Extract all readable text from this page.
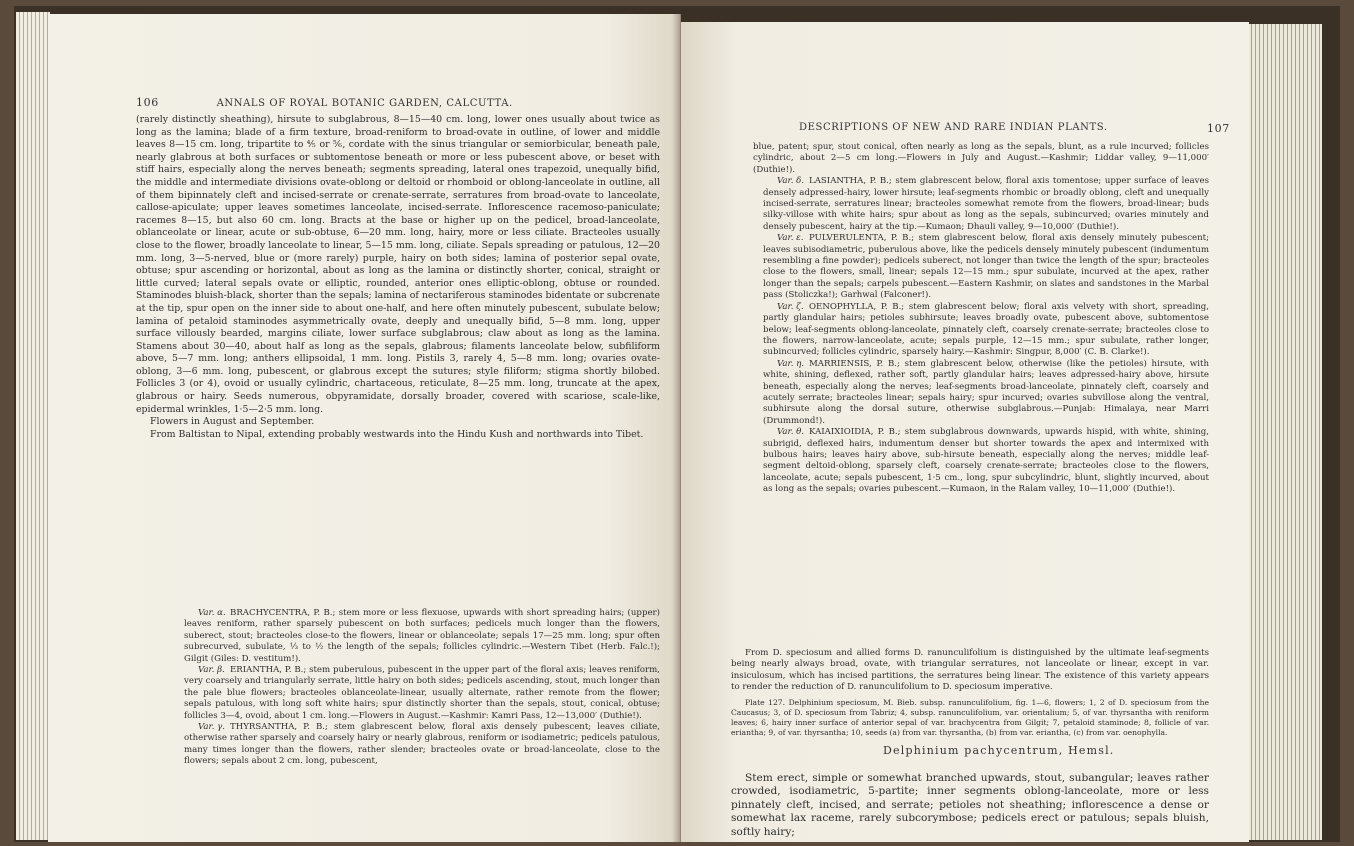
106	ANNALS OF ROYAL BOTANIC GARDEN, CALCUTTA.

(rarely distinctly sheathing), hirsute to subglabrous, 8—15—40 cm. long, lower ones usually about twice as long as the lamina; blade of a firm texture, broad-reniform to broad-ovate in outline, of lower and middle leaves 8—15 cm. long, tripartite to ⅘ or ⅚, cordate with the sinus triangular or semiorbicular, beneath pale, nearly glabrous at both surfaces or subtomentose beneath or more or less pubescent above, or beset with stiff hairs, especially along the nerves beneath; segments spreading, lateral ones trapezoid, unequally bifid, the middle and intermediate divisions ovate-oblong or deltoid or rhomboid or oblong-lanceolate in outline, all of them bipinnately cleft and incised-serrate or crenate-serrate, serratures from broad-ovate to lanceolate, callose-apiculate; upper leaves sometimes lanceolate, incised-serrate. Inflorescence racemoso-paniculate; racemes 8—15, but also 60 cm. long. Bracts at the base or higher up on the pedicel, broad-lanceolate, oblanceolate or linear, acute or sub-obtuse, 6—20 mm. long, hairy, more or less ciliate. Bracteoles usually close to the flower, broadly lanceolate to linear, 5—15 mm. long, ciliate. Sepals spreading or patulous, 12—20 mm. long, 3—5-nerved, blue or (more rarely) purple, hairy on both sides; lamina of posterior sepal ovate, obtuse; spur ascending or horizontal, about as long as the lamina or distinctly shorter, conical, straight or little curved; lateral sepals ovate or elliptic, rounded, anterior ones elliptic-oblong, obtuse or rounded. Staminodes bluish-black, shorter than the sepals; lamina of nectariferous staminodes bidentate or subcrenate at the tip, spur open on the inner side to about one-half, and here often minutely pubescent, subulate below; lamina of petaloid staminodes asymmetrically ovate, deeply and unequally bifid, 5—8 mm. long, upper surface villously bearded, margins ciliate, lower surface subglabrous; claw about as long as the lamina. Stamens about 30—40, about half as long as the sepals, glabrous; filaments lanceolate below, subfiliform above, 5—7 mm. long; anthers ellipsoidal, 1 mm. long. Pistils 3, rarely 4, 5—8 mm. long; ovaries ovate-oblong, 3—6 mm. long, pubescent, or glabrous except the sutures; style filiform; stigma shortly bilobed. Follicles 3 (or 4), ovoid or usually cylindric, chartaceous, reticulate, 8—25 mm. long, truncate at the apex, glabrous or hairy. Seeds numerous, obpyramidate, dorsally broader, covered with scariose, scale-like, epidermal wrinkles, 1·5—2·5 mm. long.

Flowers in August and September.

From Baltistan to Nipal, extending probably westwards into the Hindu Kush and northwards into Tibet.

Var. α. BRACHYCENTRA, P. B.; stem more or less flexuose, upwards with short spreading hairs; (upper) leaves reniform, rather sparsely pubescent on both surfaces; pedicels much longer than the flowers, suberect, stout; bracteoles close-to the flowers, linear or oblanceolate; sepals 17—25 mm. long; spur often subrecurved, subulate, ⅓ to ½ the length of the sepals; follicles cylindric.—Western Tibet (Herb. Falc.!); Gilgit (Giles: D. vestitum!).

Var. β. ERIANTHA, P. B.; stem puberulous, pubescent in the upper part of the floral axis; leaves reniform, very coarsely and triangularly serrate, little hairy on both sides; pedicels ascending, stout, much longer than the pale blue flowers; bracteoles oblanceolate-linear, usually alternate, rather remote from the flower; sepals patulous, with long soft white hairs; spur distinctly shorter than the sepals, stout, conical, obtuse; follicles 3—4, ovoid, about 1 cm. long.—Flowers in August.—Kashmir: Kamri Pass, 12—13,000′ (Duthie!).

Var. γ. THYRSANTHA, P. B.; stem glabrescent below, floral axis densely pubescent; leaves ciliate, otherwise rather sparsely and coarsely hairy or nearly glabrous, reniform or isodiametric; pedicels patulous, many times longer than the flowers, rather slender; bracteoles ovate or broad-lanceolate, close to the flowers; sepals about 2 cm. long, pubescent,

DESCRIPTIONS OF NEW AND RARE INDIAN PLANTS.	107

blue, patent; spur, stout conical, often nearly as long as the sepals, blunt, as a rule incurved; follicles cylindric, about 2—5 cm long.—Flowers in July and August.—Kashmir; Liddar valley, 9—11,000′ (Duthie!).

Var. δ. LASIANTHA, P. B.; stem glabrescent below, floral axis tomentose; upper surface of leaves densely adpressed-hairy, lower hirsute; leaf-segments rhombic or broadly oblong, cleft and unequally incised-serrate, serratures linear; bracteoles somewhat remote from the flowers, broad-linear; buds silky-villose with white hairs; spur about as long as the sepals, subincurved; ovaries minutely and densely pubescent, hairy at the tip.—Kumaon; Dhauli valley, 9—10,000′ (Duthie!).

Var. ε. PULVERULENTA, P. B.; stem glabrescent below, floral axis densely minutely pubescent; leaves subisodiametric, puberulous above, like the pedicels densely minutely pubescent (indumentum resembling a fine powder); pedicels suberect, not longer than twice the length of the spur; bracteoles close to the flowers, small, linear; sepals 12—15 mm.; spur subulate, incurved at the apex, rather longer than the sepals; carpels pubescent.—Eastern Kashmir, on slates and sandstones in the Marbal pass (Stoliczka!); Garhwal (Falconer!).

Var. ζ. OENOPHYLLA, P. B.; stem glabrescent below; floral axis velvety with short, spreading, partly glandular hairs; petioles subhirsute; leaves broadly ovate, pubescent above, subtomentose below; leaf-segments oblong-lanceolate, pinnately cleft, coarsely crenate-serrate; bracteoles close to the flowers, narrow-lanceolate, acute; sepals purple, 12—15 mm.; spur subulate, rather longer, subincurved; follicles cylindric, sparsely hairy.—Kashmir: Singpur, 8,000′ (C. B. Clarke!).

Var. η. MARRIENSIS, P. B.; stem glabrescent below, otherwise (like the petioles) hirsute, with white, shining, deflexed, rather soft, partly glandular hairs; leaves adpressed-hairy above, hirsute beneath, especially along the nerves; leaf-segments broad-lanceolate, pinnately cleft, coarsely and acutely serrate; bracteoles linear; sepals hairy; spur incurved; ovaries subvillose along the ventral, subhirsute along the dorsal suture, otherwise subglabrous.—Punjab: Himalaya, near Marri (Drummond!).

Var. θ. KAIAIXIOIDIA, P. B.; stem subglabrous downwards, upwards hispid, with white, shining, subrigid, deflexed hairs, indumentum denser but shorter towards the apex and intermixed with bulbous hairs; leaves hairy above, sub-hirsute beneath, especially along the nerves; middle leaf-segment deltoid-oblong, sparsely cleft, coarsely crenate-serrate; bracteoles close to the flowers, lanceolate, acute; sepals pubescent, 1·5 cm., long, spur subcylindric, blunt, slightly incurved, about as long as the sepals; ovaries pubescent.—Kumaon, in the Ralam valley, 10—11,000′ (Duthie!).

From D. speciosum and allied forms D. ranunculifolium is distinguished by the ultimate leaf-segments being nearly always broad, ovate, with triangular serratures, not lanceolate or linear, except in var. insiculosum, which has incised partitions, the serratures being linear. The existence of this variety appears to render the reduction of D. ranunculifolium to D. speciosum imperative.

Plate 127. Delphinium speciosum, M. Bieb. subsp. ranunculifolium, fig. 1—6, flowers; 1, 2 of D. speciosum from the Caucasus; 3, of D. speciosum from Tabriz; 4, subsp. ranunculifolium, var. orientalium; 5, of var. thyrsantha with reniform leaves; 6, hairy inner surface of anterior sepal of var. brachycentra from Gilgit; 7, petaloid staminode; 8, follicle of var. eriantha; 9, of var. thyrsantha; 10, seeds (a) from var. thyrsantha, (b) from var. eriantha, (c) from var. oenophylla.

Delphinium pachycentrum, Hemsl.

Stem erect, simple or somewhat branched upwards, stout, subangular; leaves rather crowded, isodiametric, 5-partite; inner segments oblong-lanceolate, more or less pinnately cleft, incised, and serrate; petioles not sheathing; inflorescence a dense or somewhat lax raceme, rarely subcorymbose; pedicels erect or patulous; sepals bluish, softly hairy;
